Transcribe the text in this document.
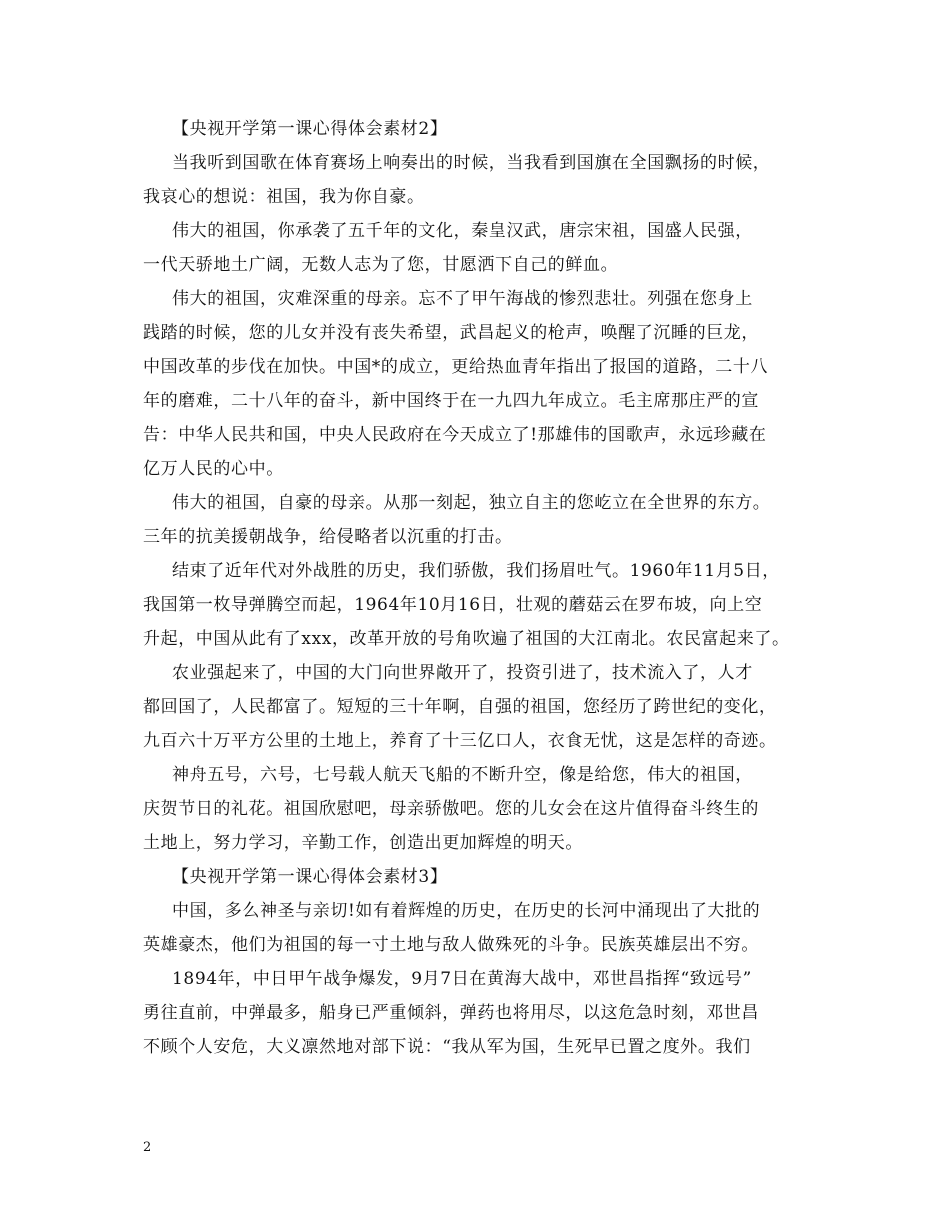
【央视开学第一课心得体会素材2】
当我听到国歌在体育赛场上响奏出的时候，当我看到国旗在全国飘扬的时候，
我哀心的想说：祖国，我为你自豪。
伟大的祖国，你承袭了五千年的文化，秦皇汉武，唐宗宋祖，国盛人民强，
一代天骄地土广阔，无数人志为了您，甘愿洒下自己的鲜血。
伟大的祖国，灾难深重的母亲。忘不了甲午海战的惨烈悲壮。列强在您身上
践踏的时候，您的儿女并没有丧失希望，武昌起义的枪声，唤醒了沉睡的巨龙，
中国改革的步伐在加快。中国*的成立，更给热血青年指出了报国的道路，二十八
年的磨难，二十八年的奋斗，新中国终于在一九四九年成立。毛主席那庄严的宣
告：中华人民共和国，中央人民政府在今天成立了!那雄伟的国歌声，永远珍藏在
亿万人民的心中。
伟大的祖国，自豪的母亲。从那一刻起，独立自主的您屹立在全世界的东方。
三年的抗美援朝战争，给侵略者以沉重的打击。
结束了近年代对外战胜的历史，我们骄傲，我们扬眉吐气。1960年11月5日，
我国第一枚导弹腾空而起，1964年10月16日，壮观的蘑菇云在罗布坡，向上空
升起，中国从此有了xxx，改革开放的号角吹遍了祖国的大江南北。农民富起来了。
农业强起来了，中国的大门向世界敞开了，投资引进了，技术流入了，人才
都回国了，人民都富了。短短的三十年啊，自强的祖国，您经历了跨世纪的变化，
九百六十万平方公里的土地上，养育了十三亿口人，衣食无忧，这是怎样的奇迹。
神舟五号，六号，七号载人航天飞船的不断升空，像是给您，伟大的祖国，
庆贺节日的礼花。祖国欣慰吧，母亲骄傲吧。您的儿女会在这片值得奋斗终生的
土地上，努力学习，辛勤工作，创造出更加辉煌的明天。
【央视开学第一课心得体会素材3】
中国，多么神圣与亲切!如有着辉煌的历史，在历史的长河中涌现出了大批的
英雄豪杰，他们为祖国的每一寸土地与敌人做殊死的斗争。民族英雄层出不穷。
1894年，中日甲午战争爆发，9月7日在黄海大战中，邓世昌指挥“致远号”
勇往直前，中弹最多，船身已严重倾斜，弹药也将用尽，以这危急时刻，邓世昌
不顾个人安危，大义凛然地对部下说：“我从军为国，生死早已置之度外。我们
2
